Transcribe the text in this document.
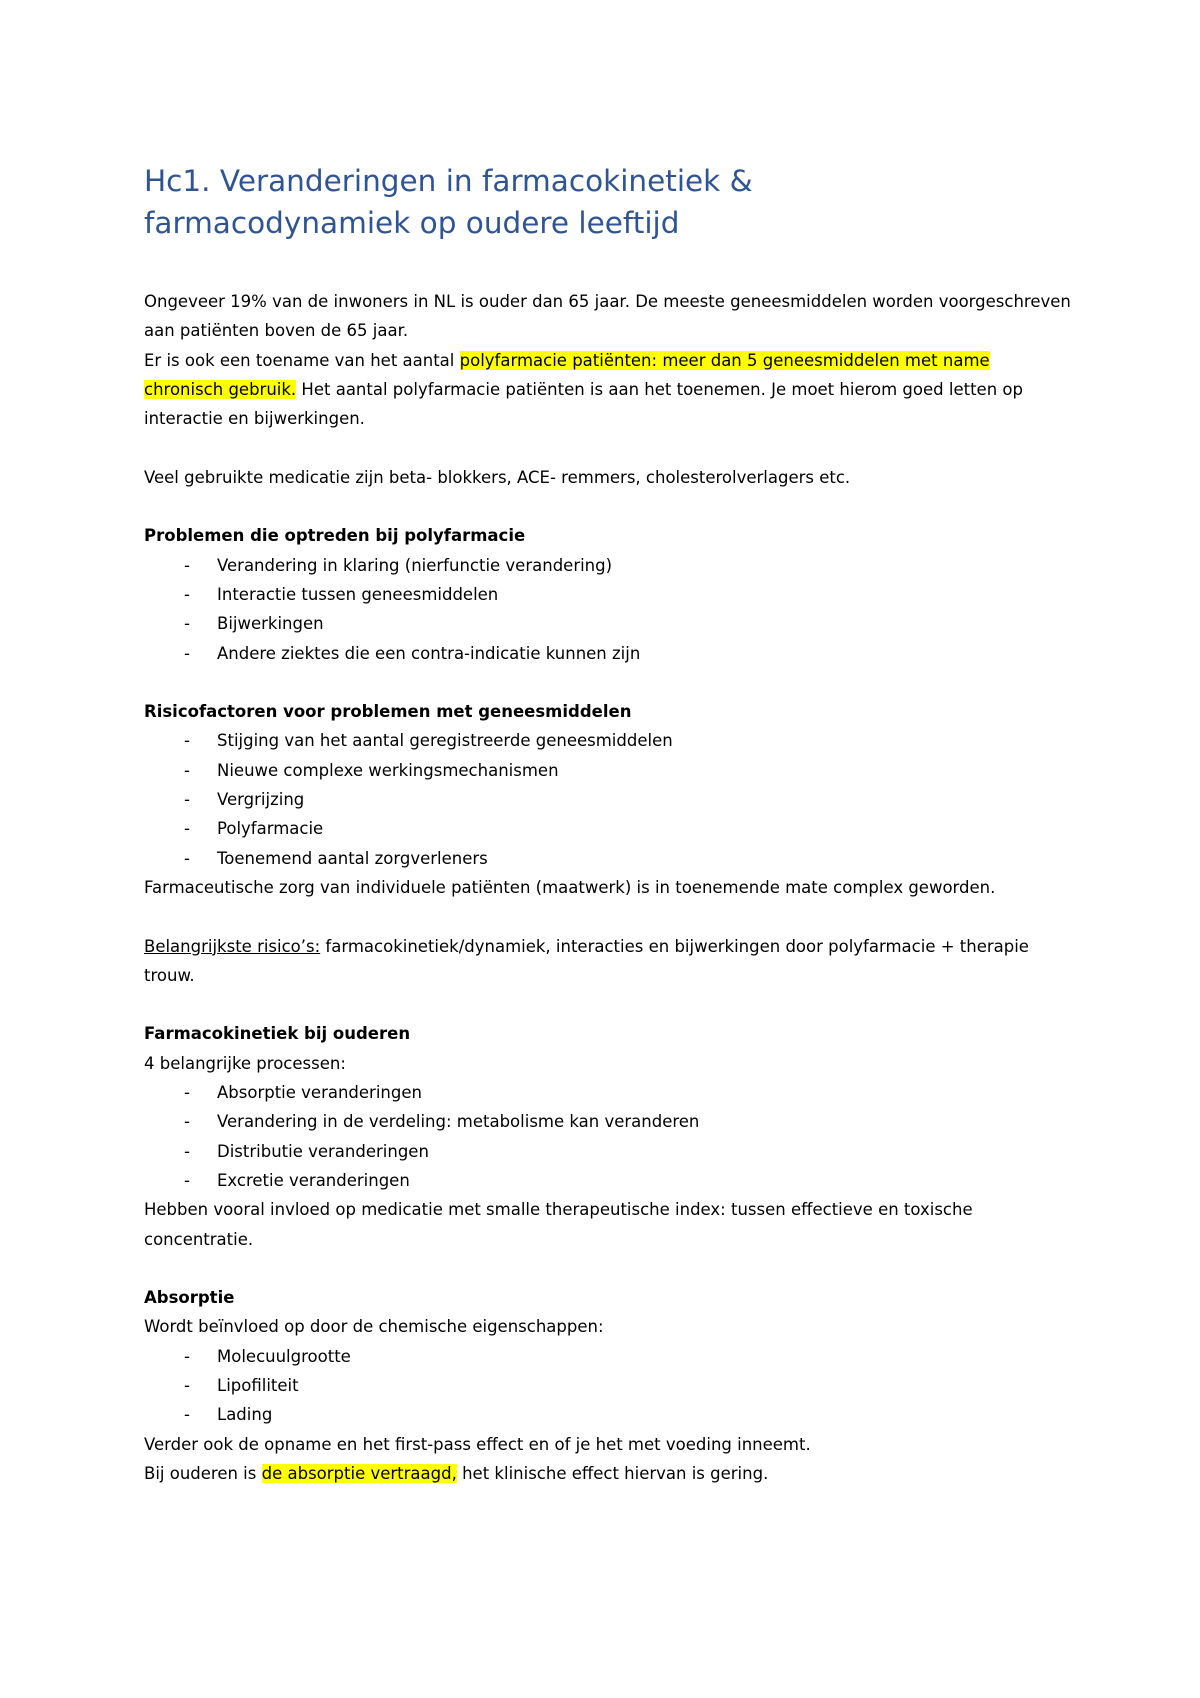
Hc1. Veranderingen in farmacokinetiek &
farmacodynamiek op oudere leeftijd

Ongeveer 19% van de inwoners in NL is ouder dan 65 jaar. De meeste geneesmiddelen worden voorgeschreven aan patiënten boven de 65 jaar.

Er is ook een toename van het aantal polyfarmacie patiënten: meer dan 5 geneesmiddelen met name chronisch gebruik. Het aantal polyfarmacie patiënten is aan het toenemen. Je moet hierom goed letten op interactie en bijwerkingen.

Veel gebruikte medicatie zijn beta- blokkers, ACE- remmers, cholesterolverlagers etc.

Problemen die optreden bij polyfarmacie

- Verandering in klaring (nierfunctie verandering)
- Interactie tussen geneesmiddelen
- Bijwerkingen
- Andere ziektes die een contra-indicatie kunnen zijn

Risicofactoren voor problemen met geneesmiddelen

- Stijging van het aantal geregistreerde geneesmiddelen
- Nieuwe complexe werkingsmechanismen
- Vergrijzing
- Polyfarmacie
- Toenemend aantal zorgverleners

Farmaceutische zorg van individuele patiënten (maatwerk) is in toenemende mate complex geworden.

Belangrijkste risico’s: farmacokinetiek/dynamiek, interacties en bijwerkingen door polyfarmacie + therapie trouw.

Farmacokinetiek bij ouderen

4 belangrijke processen:

- Absorptie veranderingen
- Verandering in de verdeling: metabolisme kan veranderen
- Distributie veranderingen
- Excretie veranderingen

Hebben vooral invloed op medicatie met smalle therapeutische index: tussen effectieve en toxische concentratie.

Absorptie

Wordt beïnvloed op door de chemische eigenschappen:

- Molecuulgrootte
- Lipofiliteit
- Lading

Verder ook de opname en het first-pass effect en of je het met voeding inneemt.

Bij ouderen is de absorptie vertraagd, het klinische effect hiervan is gering.
